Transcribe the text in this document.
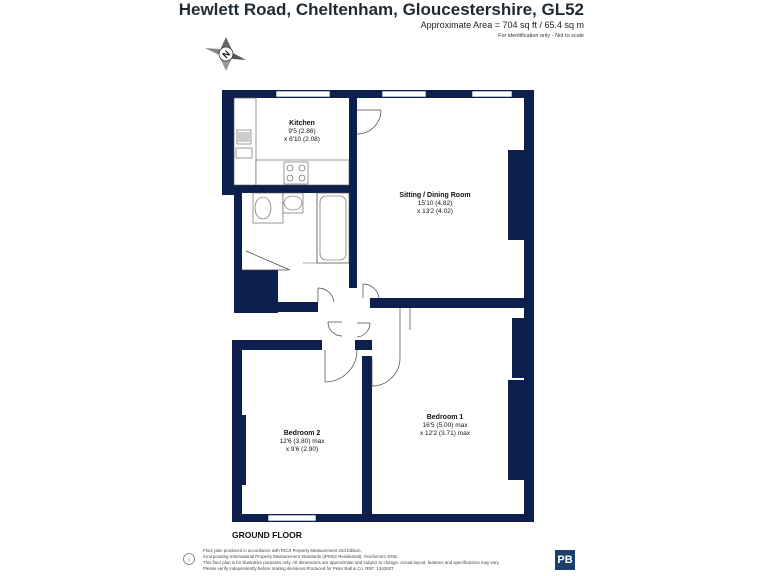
Hewlett Road, Cheltenham, Gloucestershire, GL52
Approximate Area = 704 sq ft / 65.4 sq m
For identification only - Not to scale
N
Kitchen
9'5 (2.86)
x 6'10 (2.08)
Sitting / Dining Room
15'10 (4.82)
x 13'2 (4.02)
Bedroom 1
16'5 (5.00) max
x 12'2 (3.71) max
Bedroom 2
12'6 (3.80) max
x 9'6 (2.90)
GROUND FLOOR
i
Floor plan produced in accordance with RICS Property Measurement 2nd Edition,
Incorporating International Property Measurement Standards (IPMS2 Residential). ©nichecom 2025.
This floor plan is for illustrative purposes only. All dimensions are approximate and subject to change. Actual layout, features and specifications may vary.
Please verify independently before making decisions.Produced for Peter Ball & Co. REF: 1342607
PB
